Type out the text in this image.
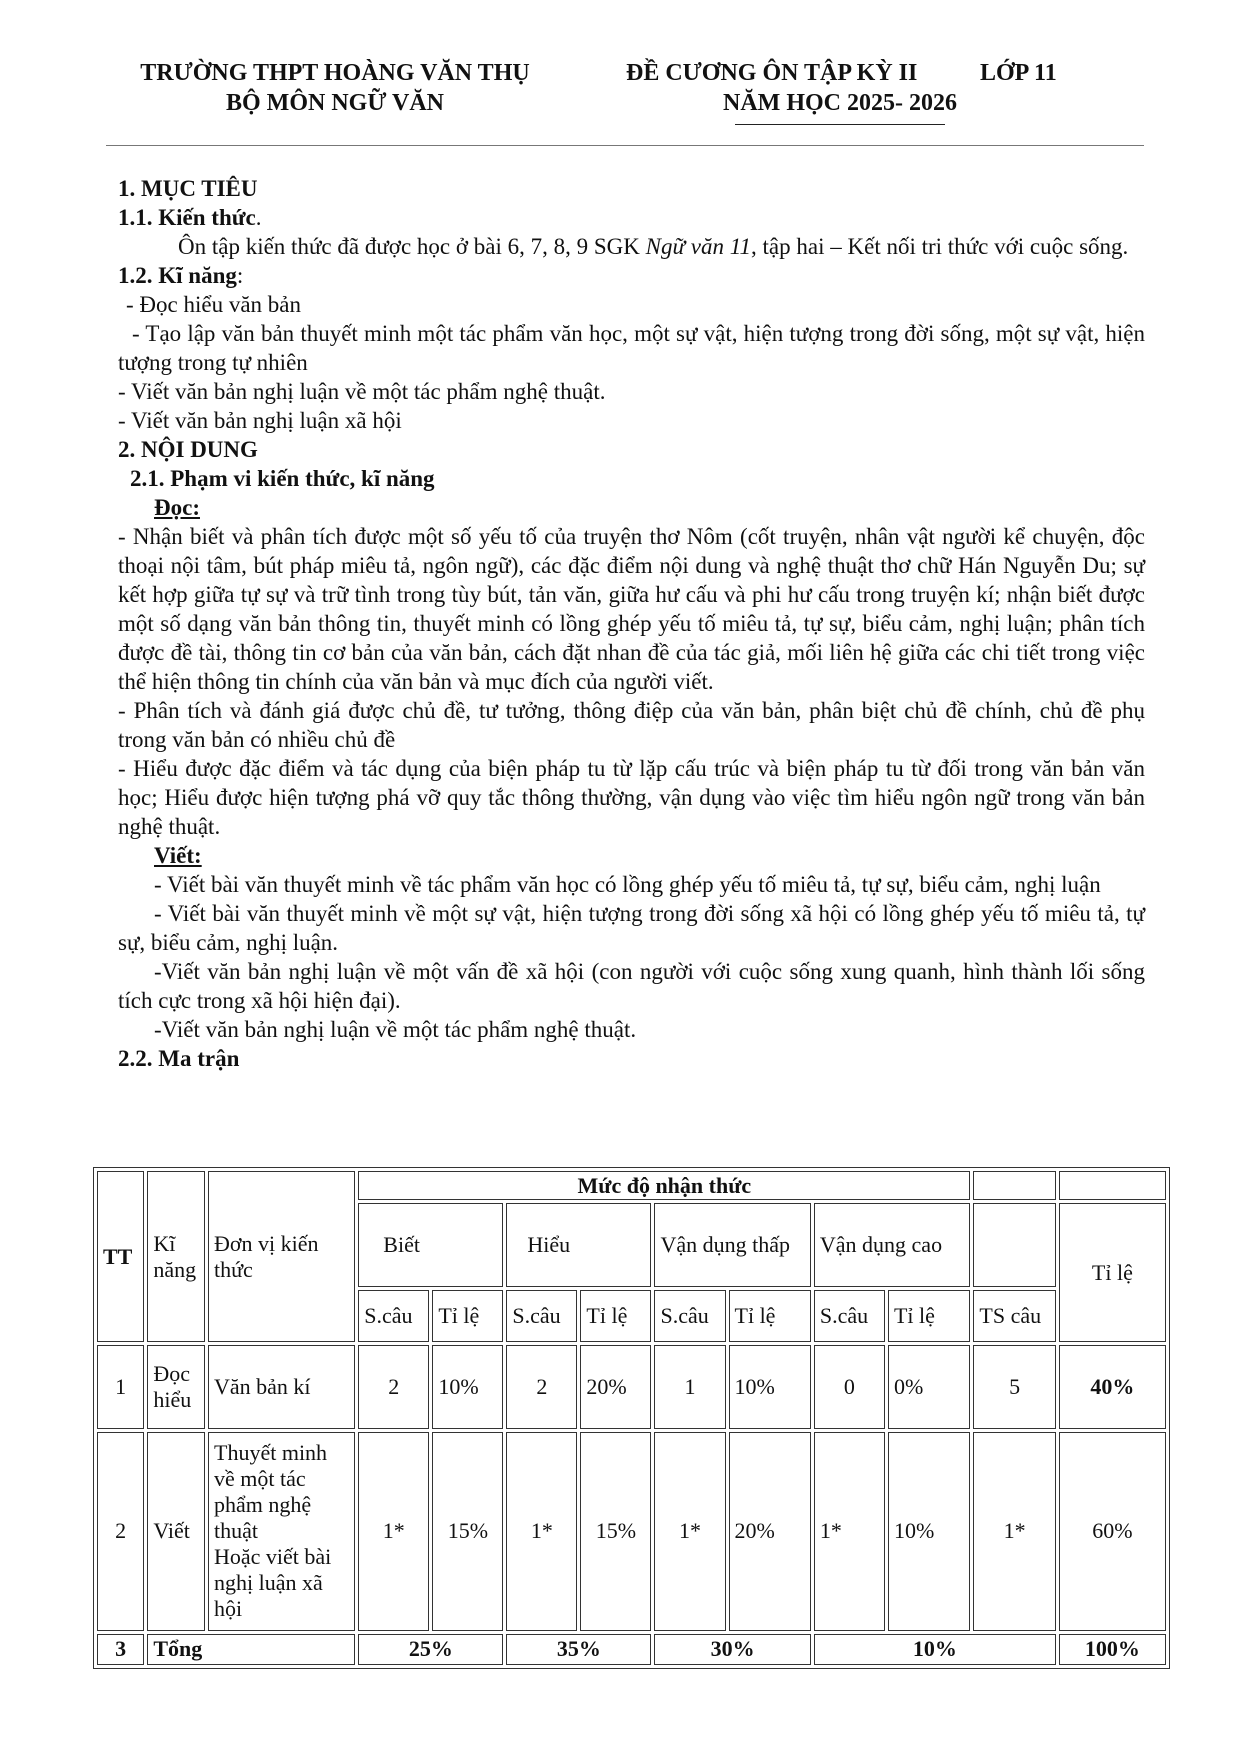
TRƯỜNG THPT HOÀNG VĂN THỤ
BỘ MÔN NGỮ VĂN
ĐỀ CƯƠNG ÔN TẬP KỲ II	LỚP 11
NĂM HỌC 2025- 2026

1. MỤC TIÊU

1.1. Kiến thức.

Ôn tập kiến thức đã được học ở bài 6, 7, 8, 9 SGK Ngữ văn 11, tập hai – Kết nối tri thức với cuộc sống.

1.2. Kĩ năng:

- Đọc hiểu văn bản

- Tạo lập văn bản thuyết minh một tác phẩm văn học, một sự vật, hiện tượng trong đời sống, một sự vật, hiện tượng trong tự nhiên

- Viết văn bản nghị luận về một tác phẩm nghệ thuật.

- Viết văn bản nghị luận xã hội

2. NỘI DUNG

2.1. Phạm vi kiến thức, kĩ năng

Đọc:

- Nhận biết và phân tích được một số yếu tố của truyện thơ Nôm (cốt truyện, nhân vật người kể chuyện, độc thoại nội tâm, bút pháp miêu tả, ngôn ngữ), các đặc điểm nội dung và nghệ thuật thơ chữ Hán Nguyễn Du; sự kết hợp giữa tự sự và trữ tình trong tùy bút, tản văn, giữa hư cấu và phi hư cấu trong truyện kí; nhận biết được một số dạng văn bản thông tin, thuyết minh có lồng ghép yếu tố miêu tả, tự sự, biểu cảm, nghị luận; phân tích được đề tài, thông tin cơ bản của văn bản, cách đặt nhan đề của tác giả, mối liên hệ giữa các chi tiết trong việc thể hiện thông tin chính của văn bản và mục đích của người viết.

- Phân tích và đánh giá được chủ đề, tư tưởng, thông điệp của văn bản, phân biệt chủ đề chính, chủ đề phụ trong văn bản có nhiều chủ đề

- Hiểu được đặc điểm và tác dụng của biện pháp tu từ lặp cấu trúc và biện pháp tu từ đối trong văn bản văn học; Hiểu được hiện tượng phá vỡ quy tắc thông thường, vận dụng vào việc tìm hiểu ngôn ngữ trong văn bản nghệ thuật.

Viết:

- Viết bài văn thuyết minh về tác phẩm văn học có lồng ghép yếu tố miêu tả, tự sự, biểu cảm, nghị luận

- Viết bài văn thuyết minh về một sự vật, hiện tượng trong đời sống xã hội có lồng ghép yếu tố miêu tả, tự sự, biểu cảm, nghị luận.

-Viết văn bản nghị luận về một vấn đề xã hội (con người với cuộc sống xung quanh, hình thành lối sống tích cực trong xã hội hiện đại).

-Viết văn bản nghị luận về một tác phẩm nghệ thuật.

2.2. Ma trận

TT	Kĩ năng	Đơn vị kiến thức	Mức độ nhận thức									
			Biết		Hiểu		Vận dụng thấp		Vận dụng cao			Tỉ lệ
			S.câu	Tỉ lệ	S.câu	Tỉ lệ	S.câu	Tỉ lệ	S.câu	Tỉ lệ	TS câu	
1	Đọc hiểu	Văn bản kí	2	10%	2	20%	1	10%	0	0%	5	40%
2	Viết	Thuyết minh về một tác phẩm nghệ thuật
Hoặc viết bài nghị luận xã hội	1*	15%	1*	15%	1*	20%	1*	10%	1*	60%
3	Tổng		25%		35%		30%		10%			100%
